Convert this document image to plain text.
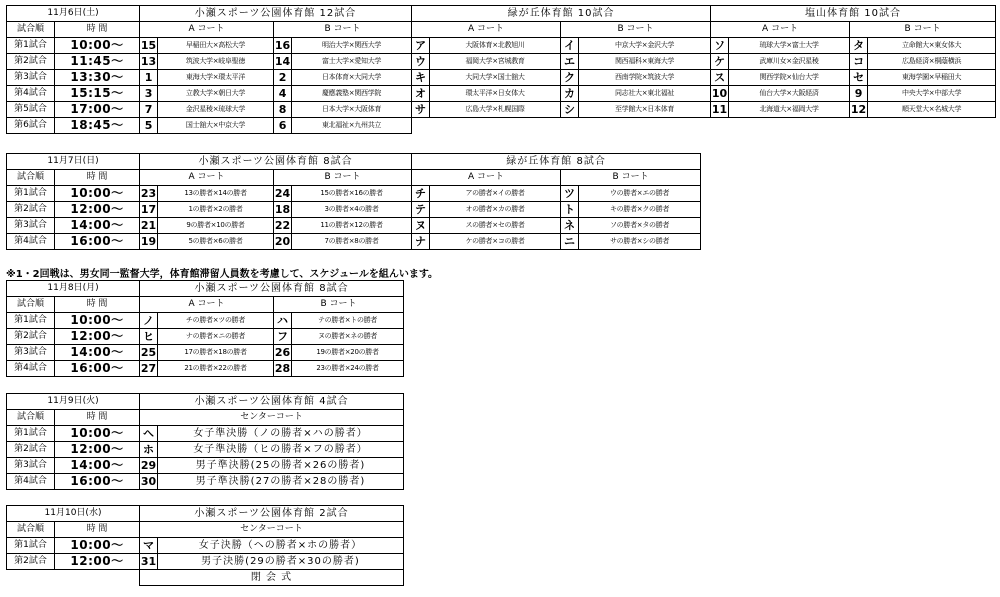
11月6日(土)		小瀬スポーツ公園体育館 12試合				緑が丘体育館 10試合				塩山体育館 10試合			
試合順	時 間	A コート		B コート		A コート		B コート		A コート		B コート	
第1試合	10:00〜	15	早稲田大×高松大学	16	明治大学×関西大学	ア	大阪体育×北教旭川	イ	中京大学×金沢大学	ソ	琉球大学×富士大学	タ	立命館大×東女体大
第2試合	11:45〜	13	筑波大学×岐阜聖徳	14	富士大学×愛知大学	ウ	福岡大学×宮城教育	エ	関西福科×東海大学	ケ	武庫川女×金沢星稜	コ	広島経済×桐蔭横浜
第3試合	13:30〜	1	東海大学×環太平洋	2	日本体育×大同大学	キ	大同大学×国士舘大	ク	西南学院×筑波大学	ス	関西学院×仙台大学	セ	東海学園×早稲田大
第4試合	15:15〜	3	立教大学×朝日大学	4	慶應義塾×関西学院	オ	環太平洋×日女体大	カ	同志社大×東北福祉	10	仙台大学×大阪経済	9	中央大学×中部大学
第5試合	17:00〜	7	金沢星稜×琉球大学	8	日本大学×大阪体育	サ	広島大学×札幌国際	シ	至学館大×日本体育	11	北海道大×福岡大学	12	順天堂大×名城大学
第6試合	18:45〜	5	国士舘大×中京大学	6	東北福祉×九州共立								
11月7日(日)		小瀬スポーツ公園体育館 8試合				緑が丘体育館 8試合			
試合順	時 間	A コート		B コート		A コート		B コート	
第1試合	10:00〜	23	13の勝者×14の勝者	24	15の勝者×16の勝者	チ	アの勝者×イの勝者	ツ	ウの勝者×エの勝者
第2試合	12:00〜	17	1の勝者×2の勝者	18	3の勝者×4の勝者	テ	オの勝者×カの勝者	ト	キの勝者×クの勝者
第3試合	14:00〜	21	9の勝者×10の勝者	22	11の勝者×12の勝者	ヌ	スの勝者×セの勝者	ネ	ソの勝者×タの勝者
第4試合	16:00〜	19	5の勝者×6の勝者	20	7の勝者×8の勝者	ナ	ケの勝者×コの勝者	ニ	サの勝者×シの勝者
※1・2回戦は、男女同一監督大学，体育館滞留人員数を考慮して、スケジュールを組んいます。
11月8日(月)		小瀬スポーツ公園体育館 8試合			
試合順	時 間	A コート		B コート	
第1試合	10:00〜	ノ	チの勝者×ツの勝者	ハ	テの勝者×トの勝者
第2試合	12:00〜	ヒ	ナの勝者×ニの勝者	フ	ヌの勝者×ネの勝者
第3試合	14:00〜	25	17の勝者×18の勝者	26	19の勝者×20の勝者
第4試合	16:00〜	27	21の勝者×22の勝者	28	23の勝者×24の勝者
11月9日(火)		小瀬スポーツ公園体育館 4試合	
試合順	時 間	センターコート	
第1試合	10:00〜	ヘ	女子準決勝（ノの勝者×ハの勝者）
第2試合	12:00〜	ホ	女子準決勝（ヒの勝者×フの勝者）
第3試合	14:00〜	29	男子準決勝(25の勝者×26の勝者)
第4試合	16:00〜	30	男子準決勝(27の勝者×28の勝者)
11月10日(水)		小瀬スポーツ公園体育館 2試合	
試合順	時 間	センターコート	
第1試合	10:00〜	マ	女子決勝（ヘの勝者×ホの勝者）
第2試合	12:00〜	31	男子決勝(29の勝者×30の勝者)
		閉 会 式	
